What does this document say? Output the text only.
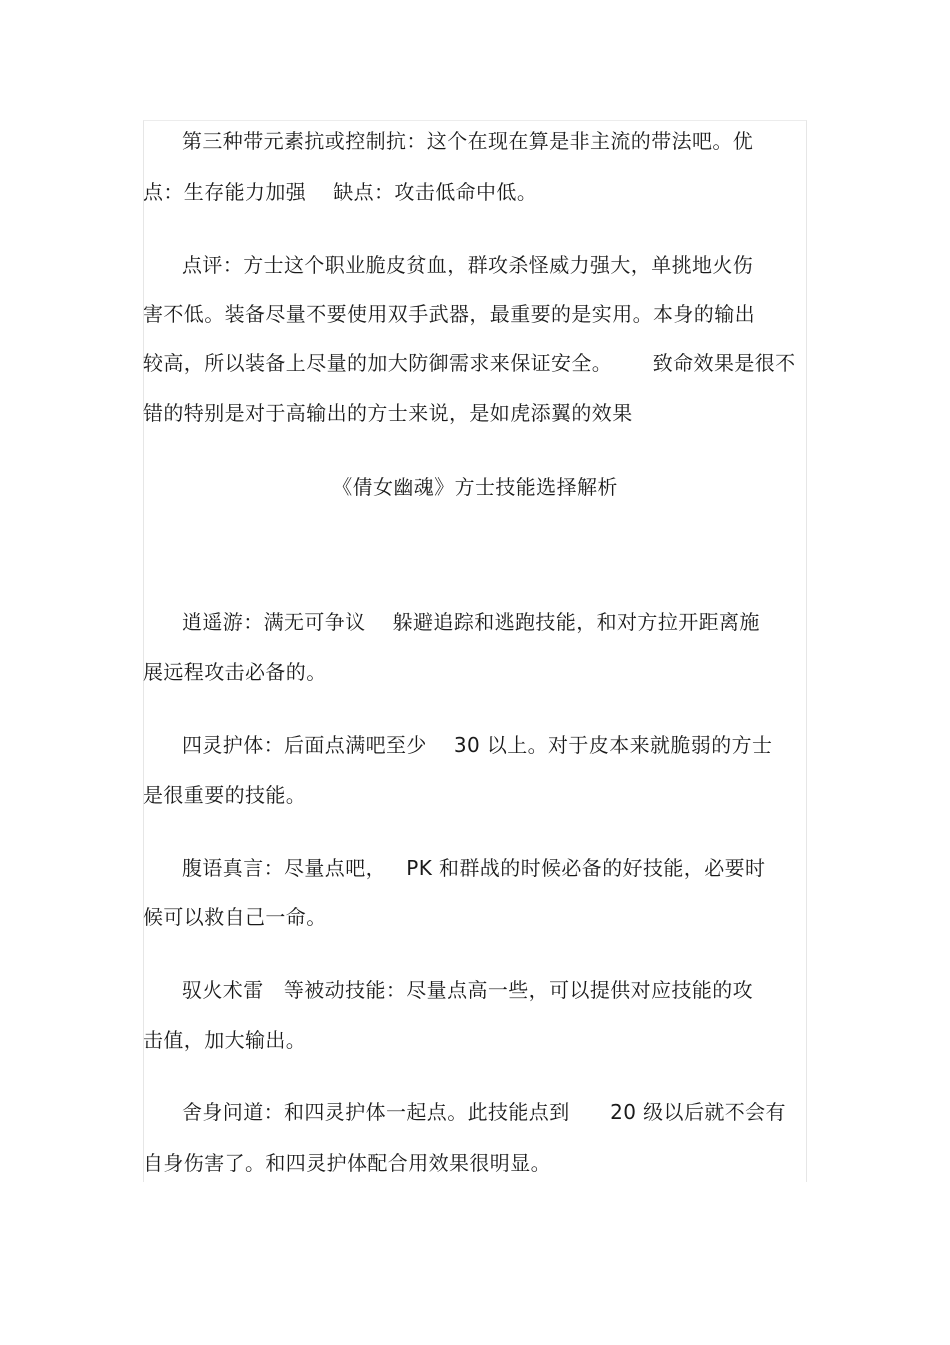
第三种带元素抗或控制抗：这个在现在算是非主流的带法吧。优
点：生存能力加强    缺点：攻击低命中低。
点评：方士这个职业脆皮贫血，群攻杀怪威力强大，单挑地火伤
害不低。装备尽量不要使用双手武器，最重要的是实用。本身的输出
较高，所以装备上尽量的加大防御需求来保证安全。      致命效果是很不
错的特别是对于高输出的方士来说，是如虎添翼的效果
《倩女幽魂》方士技能选择解析
逍遥游：满无可争议    躲避追踪和逃跑技能，和对方拉开距离施
展远程攻击必备的。
四灵护体：后面点满吧至少    30 以上。对于皮本来就脆弱的方士
是很重要的技能。
腹语真言：尽量点吧，   PK 和群战的时候必备的好技能，必要时
候可以救自己一命。
驭火术雷   等被动技能：尽量点高一些，可以提供对应技能的攻
击值，加大输出。
舍身问道：和四灵护体一起点。此技能点到      20 级以后就不会有
自身伤害了。和四灵护体配合用效果很明显。
